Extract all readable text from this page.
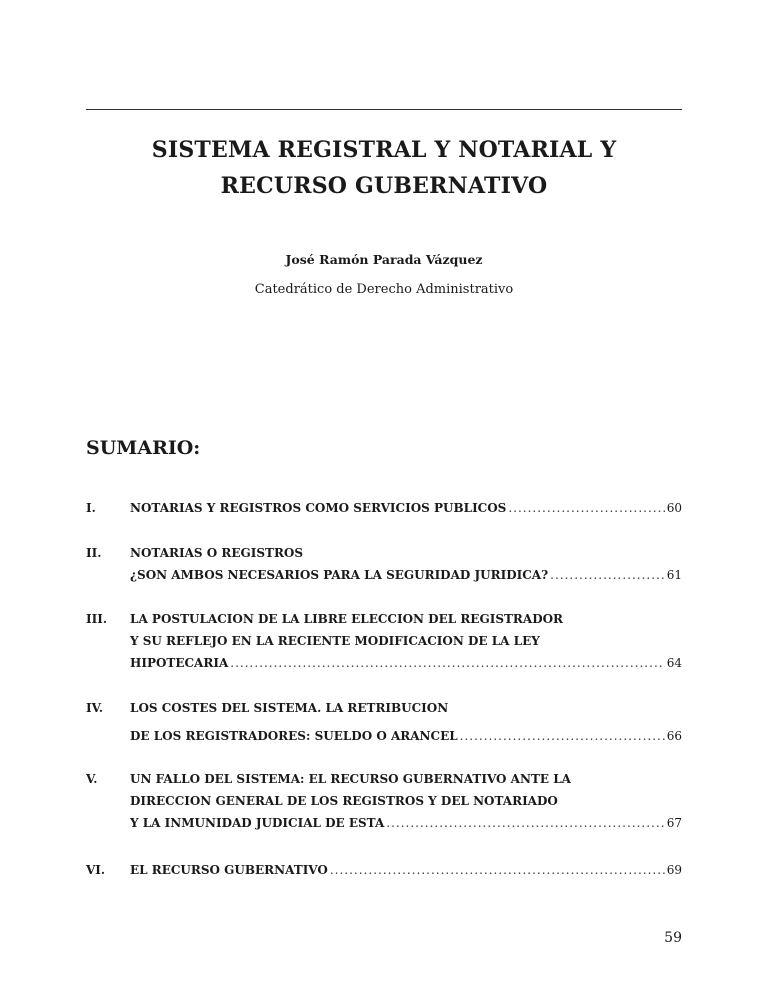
SISTEMA REGISTRAL Y NOTARIAL Y
RECURSO GUBERNATIVO
José Ramón Parada Vázquez
Catedrático de Derecho Administrativo
SUMARIO:
I.	NOTARIAS Y REGISTROS COMO SERVICIOS PUBLICOS .....	60
II. NOTARIAS O REGISTROS
¿SON AMBOS NECESARIOS PARA LA SEGURIDAD JURIDICA? .....	61
III. LA POSTULACION DE LA LIBRE ELECCION DEL REGISTRADOR
Y SU REFLEJO EN LA RECIENTE MODIFICACION DE LA LEY
HIPOTECARIA .....	64
IV. LOS COSTES DEL SISTEMA. LA RETRIBUCION
DE LOS REGISTRADORES: SUELDO O ARANCEL .....	66
V.	UN FALLO DEL SISTEMA: EL RECURSO GUBERNATIVO ANTE LA
DIRECCION GENERAL DE LOS REGISTROS Y DEL NOTARIADO
Y LA INMUNIDAD JUDICIAL DE ESTA .....	67
VI. EL RECURSO GUBERNATIVO .....	69
59
